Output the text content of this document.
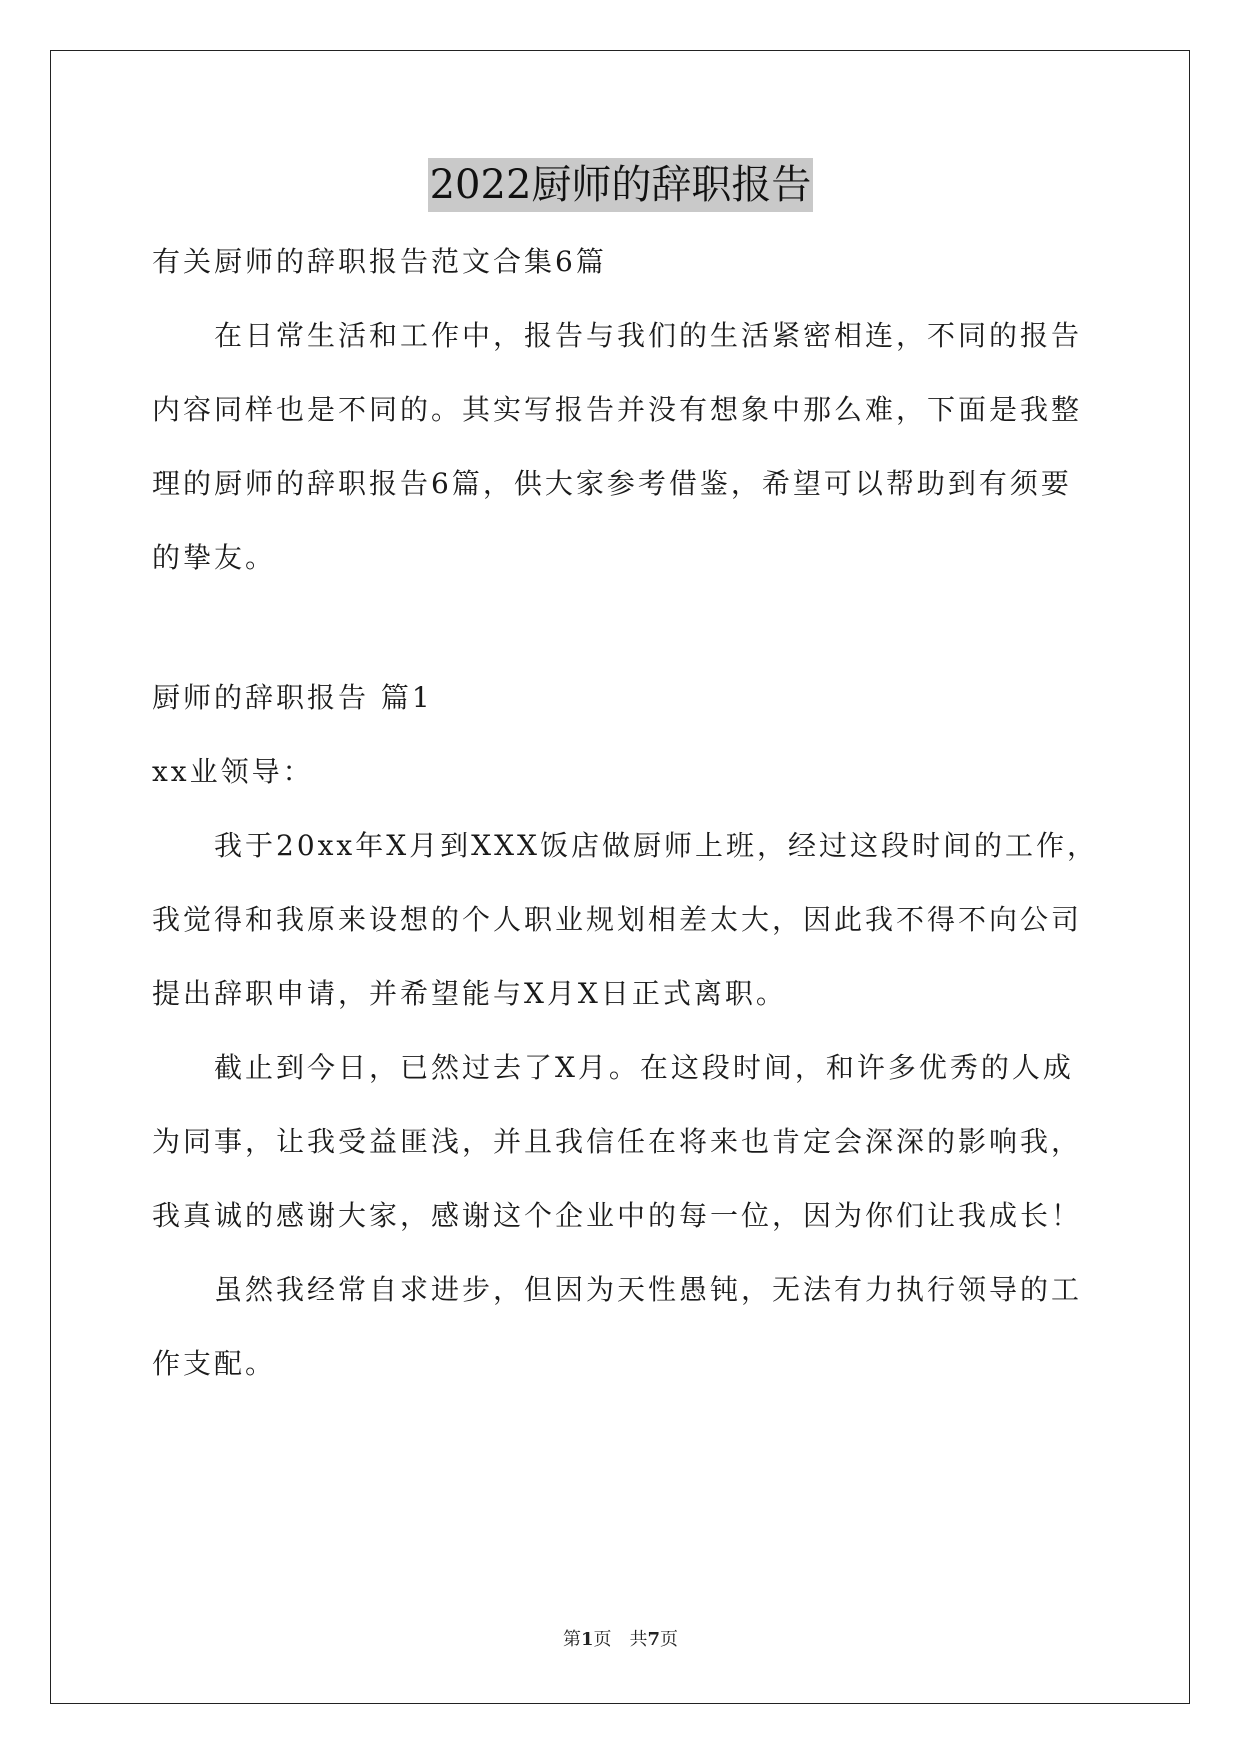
2022厨师的辞职报告
有关厨师的辞职报告范文合集6篇
　　在日常生活和工作中，报告与我们的生活紧密相连，不同的报告
内容同样也是不同的。其实写报告并没有想象中那么难，下面是我整
理的厨师的辞职报告6篇，供大家参考借鉴，希望可以帮助到有须要
的挚友。
厨师的辞职报告 篇1
xx业领导：
　　我于20xx年X月到XXX饭店做厨师上班，经过这段时间的工作，
我觉得和我原来设想的个人职业规划相差太大，因此我不得不向公司
提出辞职申请，并希望能与X月X日正式离职。
　　截止到今日，已然过去了X月。在这段时间，和许多优秀的人成
为同事，让我受益匪浅，并且我信任在将来也肯定会深深的影响我，
我真诚的感谢大家，感谢这个企业中的每一位，因为你们让我成长！
　　虽然我经常自求进步，但因为天性愚钝，无法有力执行领导的工
作支配。
第1页 共7页
